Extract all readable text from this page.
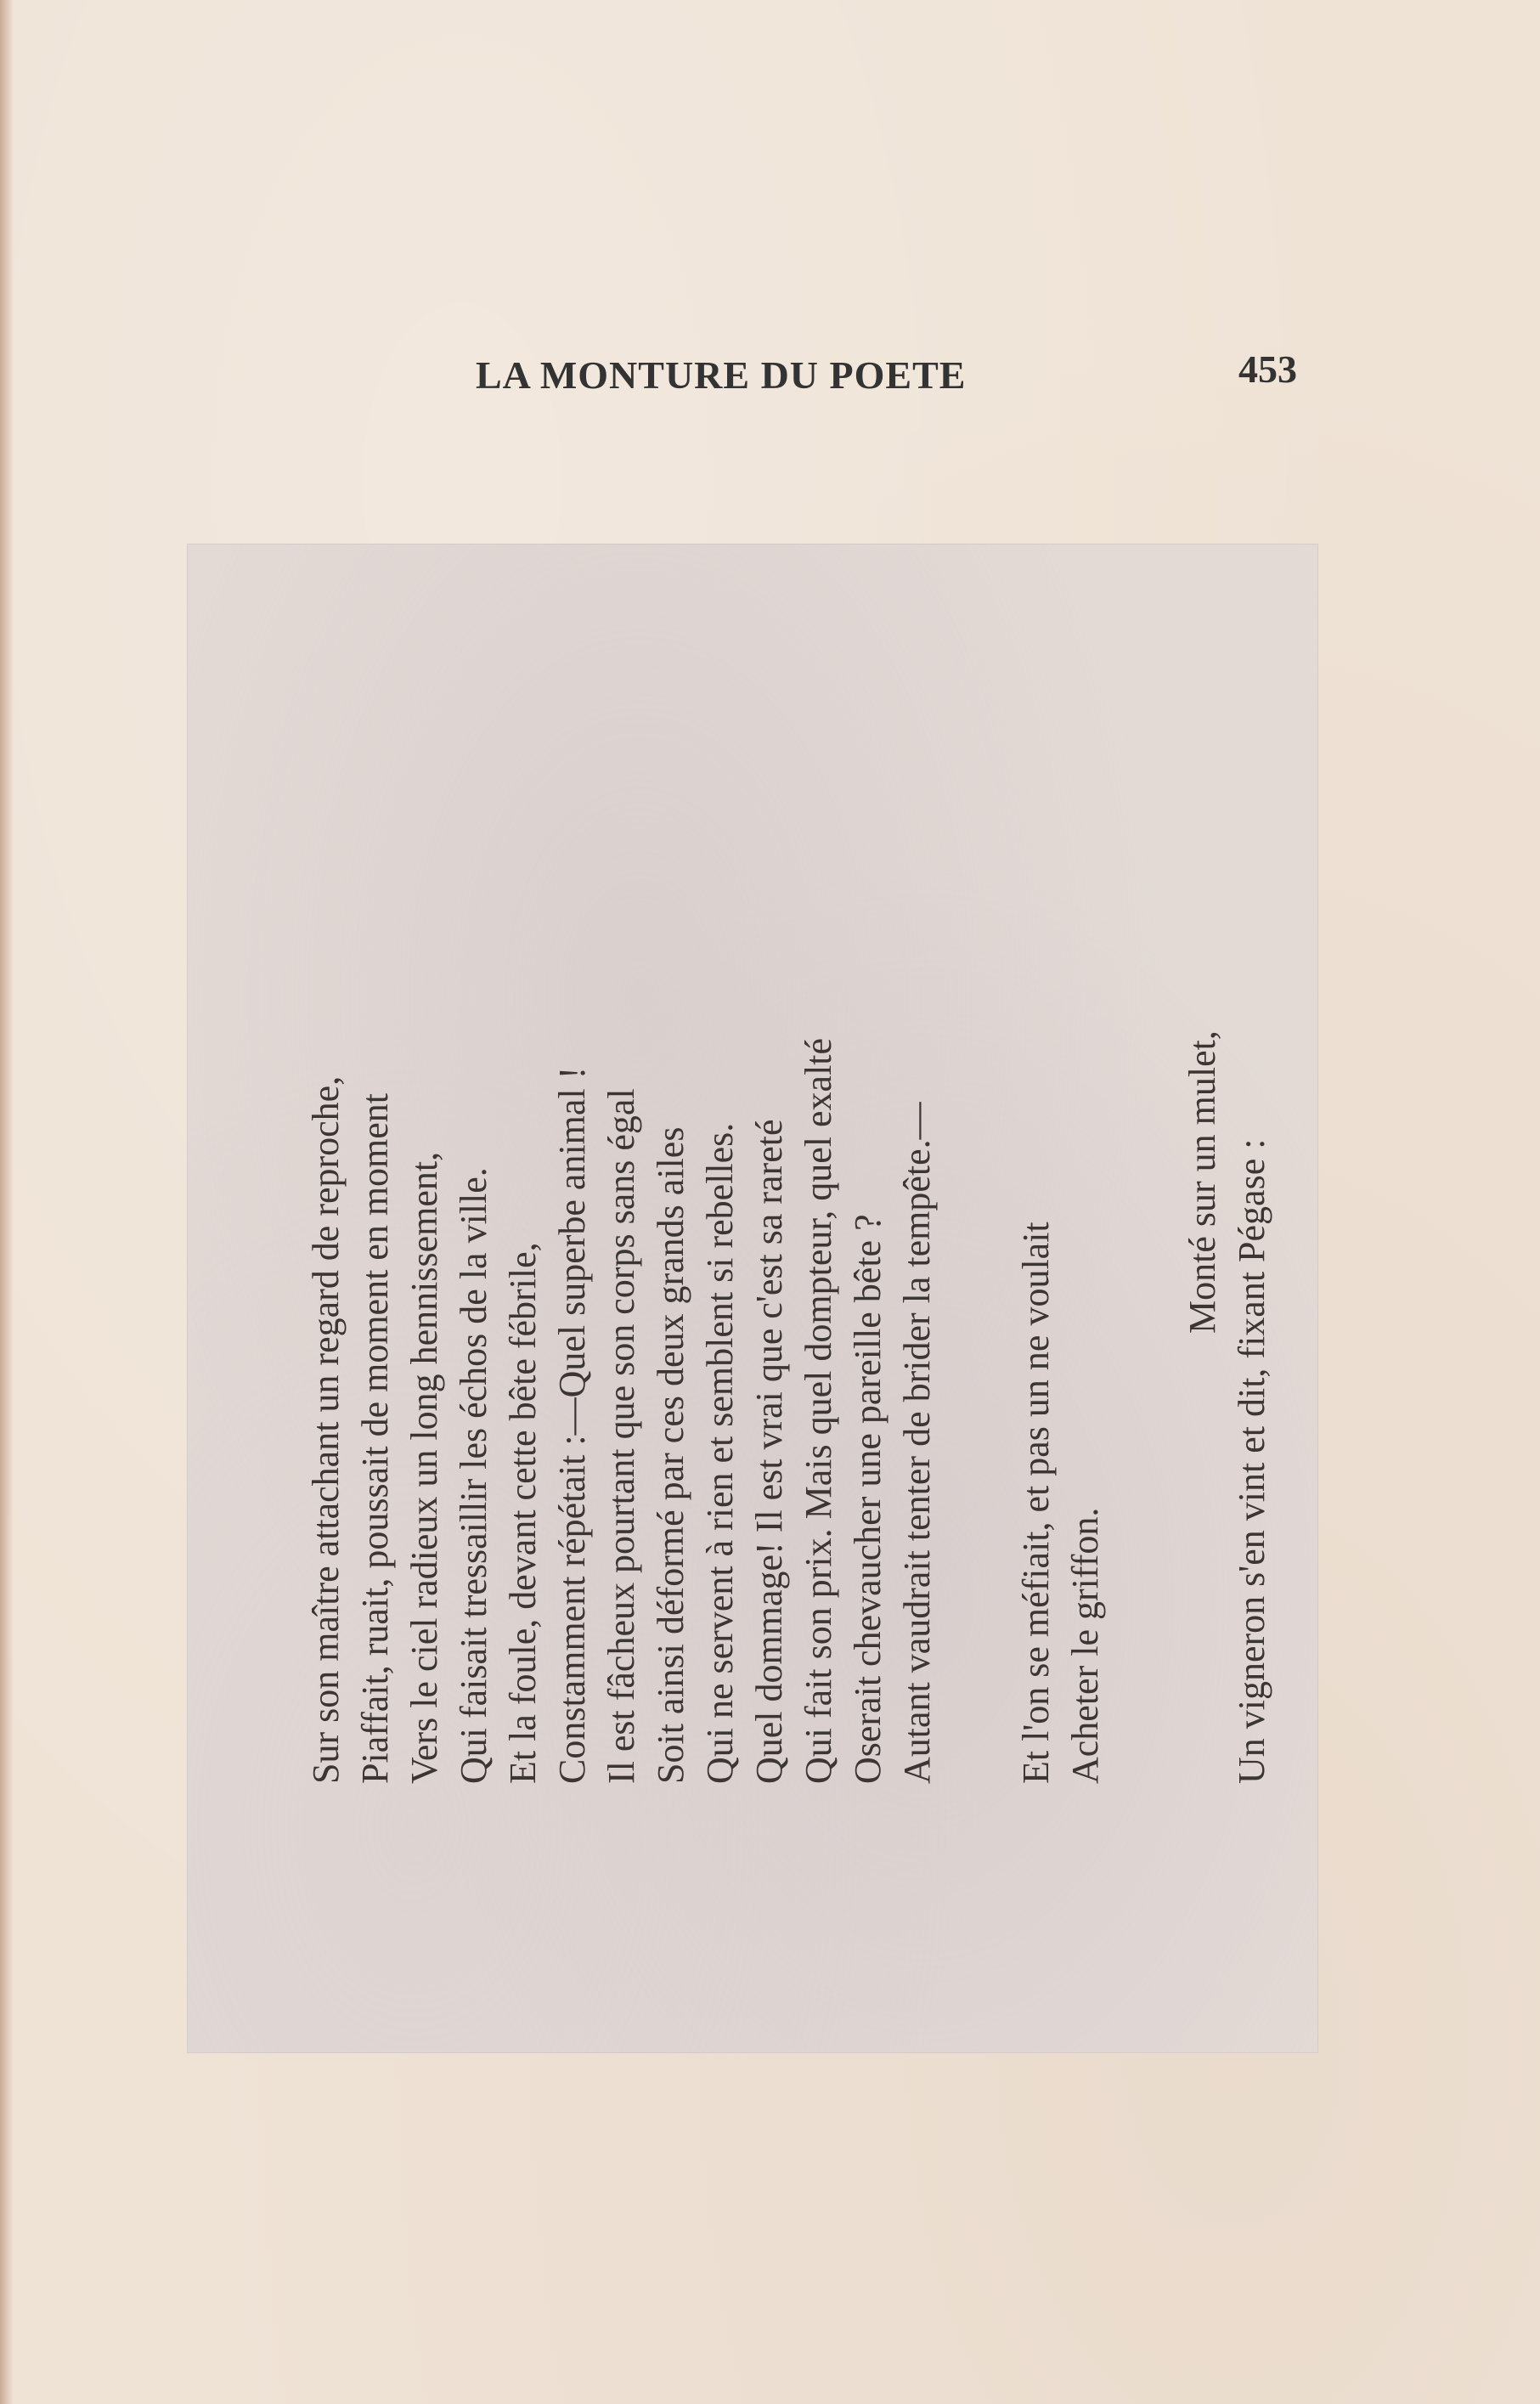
LA MONTURE DU POETE	453
Sur son maître attachant un regard de reproche, Piaffait, ruait, poussait de moment en moment Vers le ciel radieux un long hennissement, Qui faisait tressaillir les échos de la ville. Et la foule, devant cette bête fébrile, Constamment répétait :—Quel superbe animal ! Il est fâcheux pourtant que son corps sans égal Soit ainsi déformé par ces deux grands ailes Qui ne servent à rien et semblent si rebelles. Quel dommage! Il est vrai que c'est sa rareté Qui fait son prix. Mais quel dompteur, quel exalté Oserait chevaucher une pareille bête ? Autant vaudrait tenter de brider la tempête.— Et l'on se méfiait, et pas un ne voulait Acheter le griffon.
Monté sur un mulet, Un vigneron s'en vint et dit, fixant Pégase :
